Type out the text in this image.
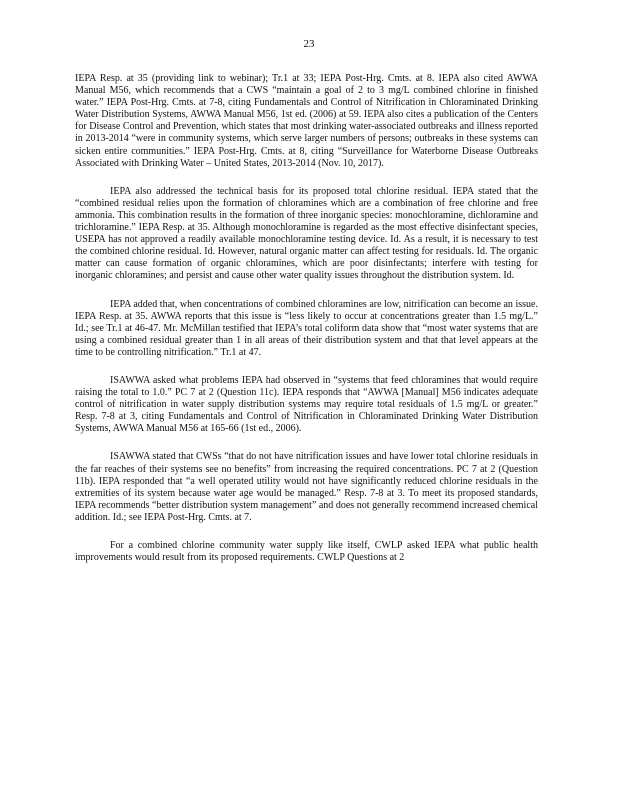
23

IEPA Resp. at 35 (providing link to webinar); Tr.1 at 33; IEPA Post-Hrg. Cmts. at 8. IEPA also cited AWWA Manual M56, which recommends that a CWS “maintain a goal of 2 to 3 mg/L combined chlorine in finished water.” IEPA Post-Hrg. Cmts. at 7-8, citing Fundamentals and Control of Nitrification in Chloraminated Drinking Water Distribution Systems, AWWA Manual M56, 1st ed. (2006) at 59. IEPA also cites a publication of the Centers for Disease Control and Prevention, which states that most drinking water-associated outbreaks and illness reported in 2013-2014 “were in community systems, which serve larger numbers of persons; outbreaks in these systems can sicken entire communities.” IEPA Post-Hrg. Cmts. at 8, citing “Surveillance for Waterborne Disease Outbreaks Associated with Drinking Water – United States, 2013-2014 (Nov. 10, 2017).

IEPA also addressed the technical basis for its proposed total chlorine residual. IEPA stated that the “combined residual relies upon the formation of chloramines which are a combination of free chlorine and free ammonia. This combination results in the formation of three inorganic species: monochloramine, dichloramine and trichloramine.” IEPA Resp. at 35. Although monochloramine is regarded as the most effective disinfectant species, USEPA has not approved a readily available monochloramine testing device. Id. As a result, it is necessary to test the combined chlorine residual. Id. However, natural organic matter can affect testing for residuals. Id. The organic matter can cause formation of organic chloramines, which are poor disinfectants; interfere with testing for inorganic chloramines; and persist and cause other water quality issues throughout the distribution system. Id.

IEPA added that, when concentrations of combined chloramines are low, nitrification can become an issue. IEPA Resp. at 35. AWWA reports that this issue is “less likely to occur at concentrations greater than 1.5 mg/L.” Id.; see Tr.1 at 46-47. Mr. McMillan testified that IEPA’s total coliform data show that “most water systems that are using a combined residual greater than 1 in all areas of their distribution system and that that level appears at the time to be controlling nitrification.” Tr.1 at 47.

ISAWWA asked what problems IEPA had observed in “systems that feed chloramines that would require raising the total to 1.0.” PC 7 at 2 (Question 11c). IEPA responds that “AWWA [Manual] M56 indicates adequate control of nitrification in water supply distribution systems may require total residuals of 1.5 mg/L or greater.” Resp. 7-8 at 3, citing Fundamentals and Control of Nitrification in Chloraminated Drinking Water Distribution Systems, AWWA Manual M56 at 165-66 (1st ed., 2006).

ISAWWA stated that CWSs “that do not have nitrification issues and have lower total chlorine residuals in the far reaches of their systems see no benefits” from increasing the required concentrations. PC 7 at 2 (Question 11b). IEPA responded that “a well operated utility would not have significantly reduced chlorine residuals in the extremities of its system because water age would be managed.” Resp. 7-8 at 3. To meet its proposed standards, IEPA recommends “better distribution system management” and does not generally recommend increased chemical addition. Id.; see IEPA Post-Hrg. Cmts. at 7.

For a combined chlorine community water supply like itself, CWLP asked IEPA what public health improvements would result from its proposed requirements. CWLP Questions at 2
